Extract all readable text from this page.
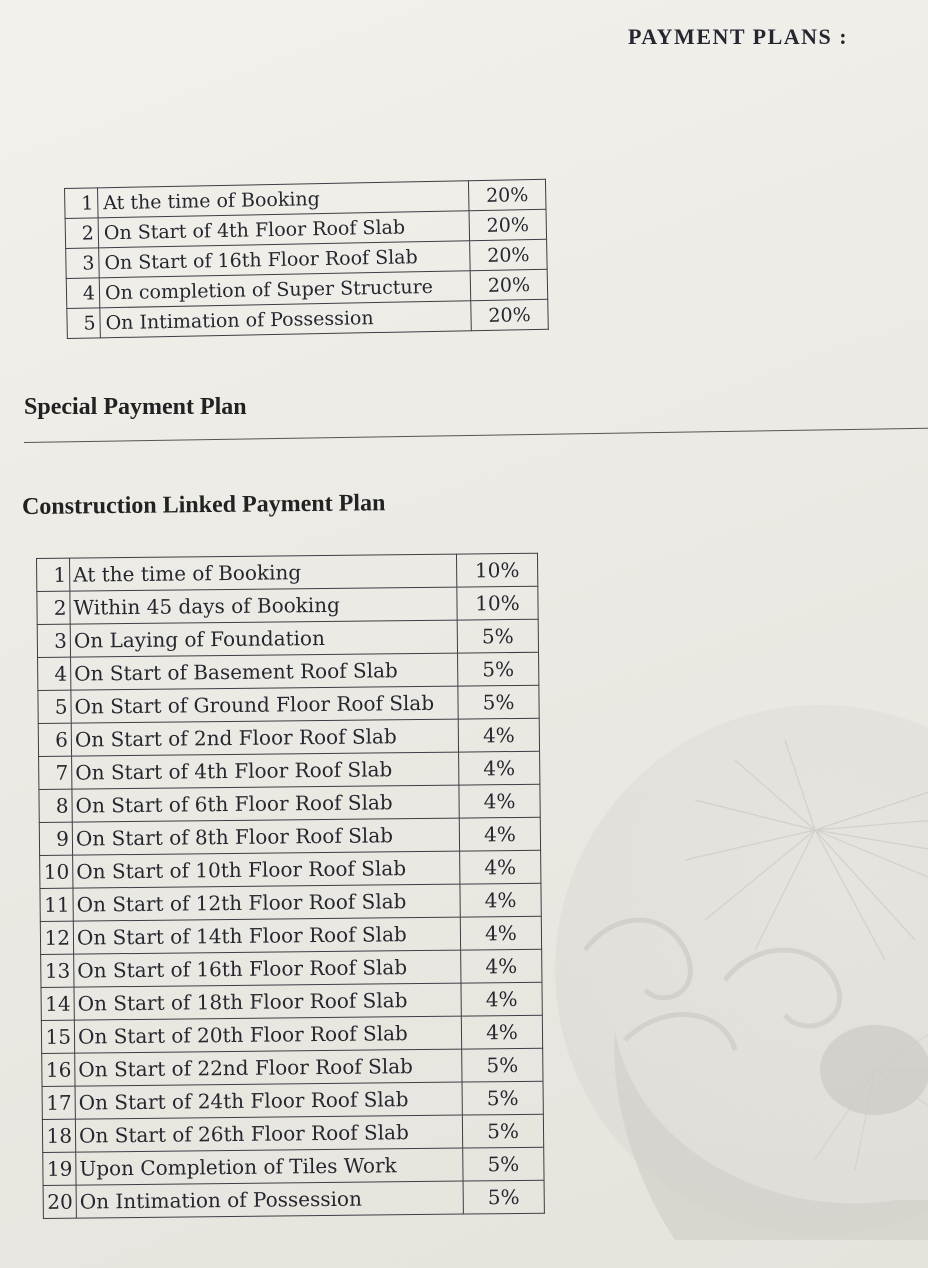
PAYMENT PLANS :
1	At the time of Booking	20%
2	On Start of 4th Floor Roof Slab	20%
3	On Start of 16th Floor Roof Slab	20%
4	On completion of Super Structure	20%
5	On Intimation of Possession	20%
Special Payment Plan
Construction Linked Payment Plan
1	At the time of Booking	10%
2	Within 45 days of Booking	10%
3	On Laying of Foundation	5%
4	On Start of Basement Roof Slab	5%
5	On Start of Ground Floor Roof Slab	5%
6	On Start of 2nd Floor Roof Slab	4%
7	On Start of 4th Floor Roof Slab	4%
8	On Start of 6th Floor Roof Slab	4%
9	On Start of 8th Floor Roof Slab	4%
10	On Start of 10th Floor Roof Slab	4%
11	On Start of 12th Floor Roof Slab	4%
12	On Start of 14th Floor Roof Slab	4%
13	On Start of 16th Floor Roof Slab	4%
14	On Start of 18th Floor Roof Slab	4%
15	On Start of 20th Floor Roof Slab	4%
16	On Start of 22nd Floor Roof Slab	5%
17	On Start of 24th Floor Roof Slab	5%
18	On Start of 26th Floor Roof Slab	5%
19	Upon Completion of Tiles Work	5%
20	On Intimation of Possession	5%
